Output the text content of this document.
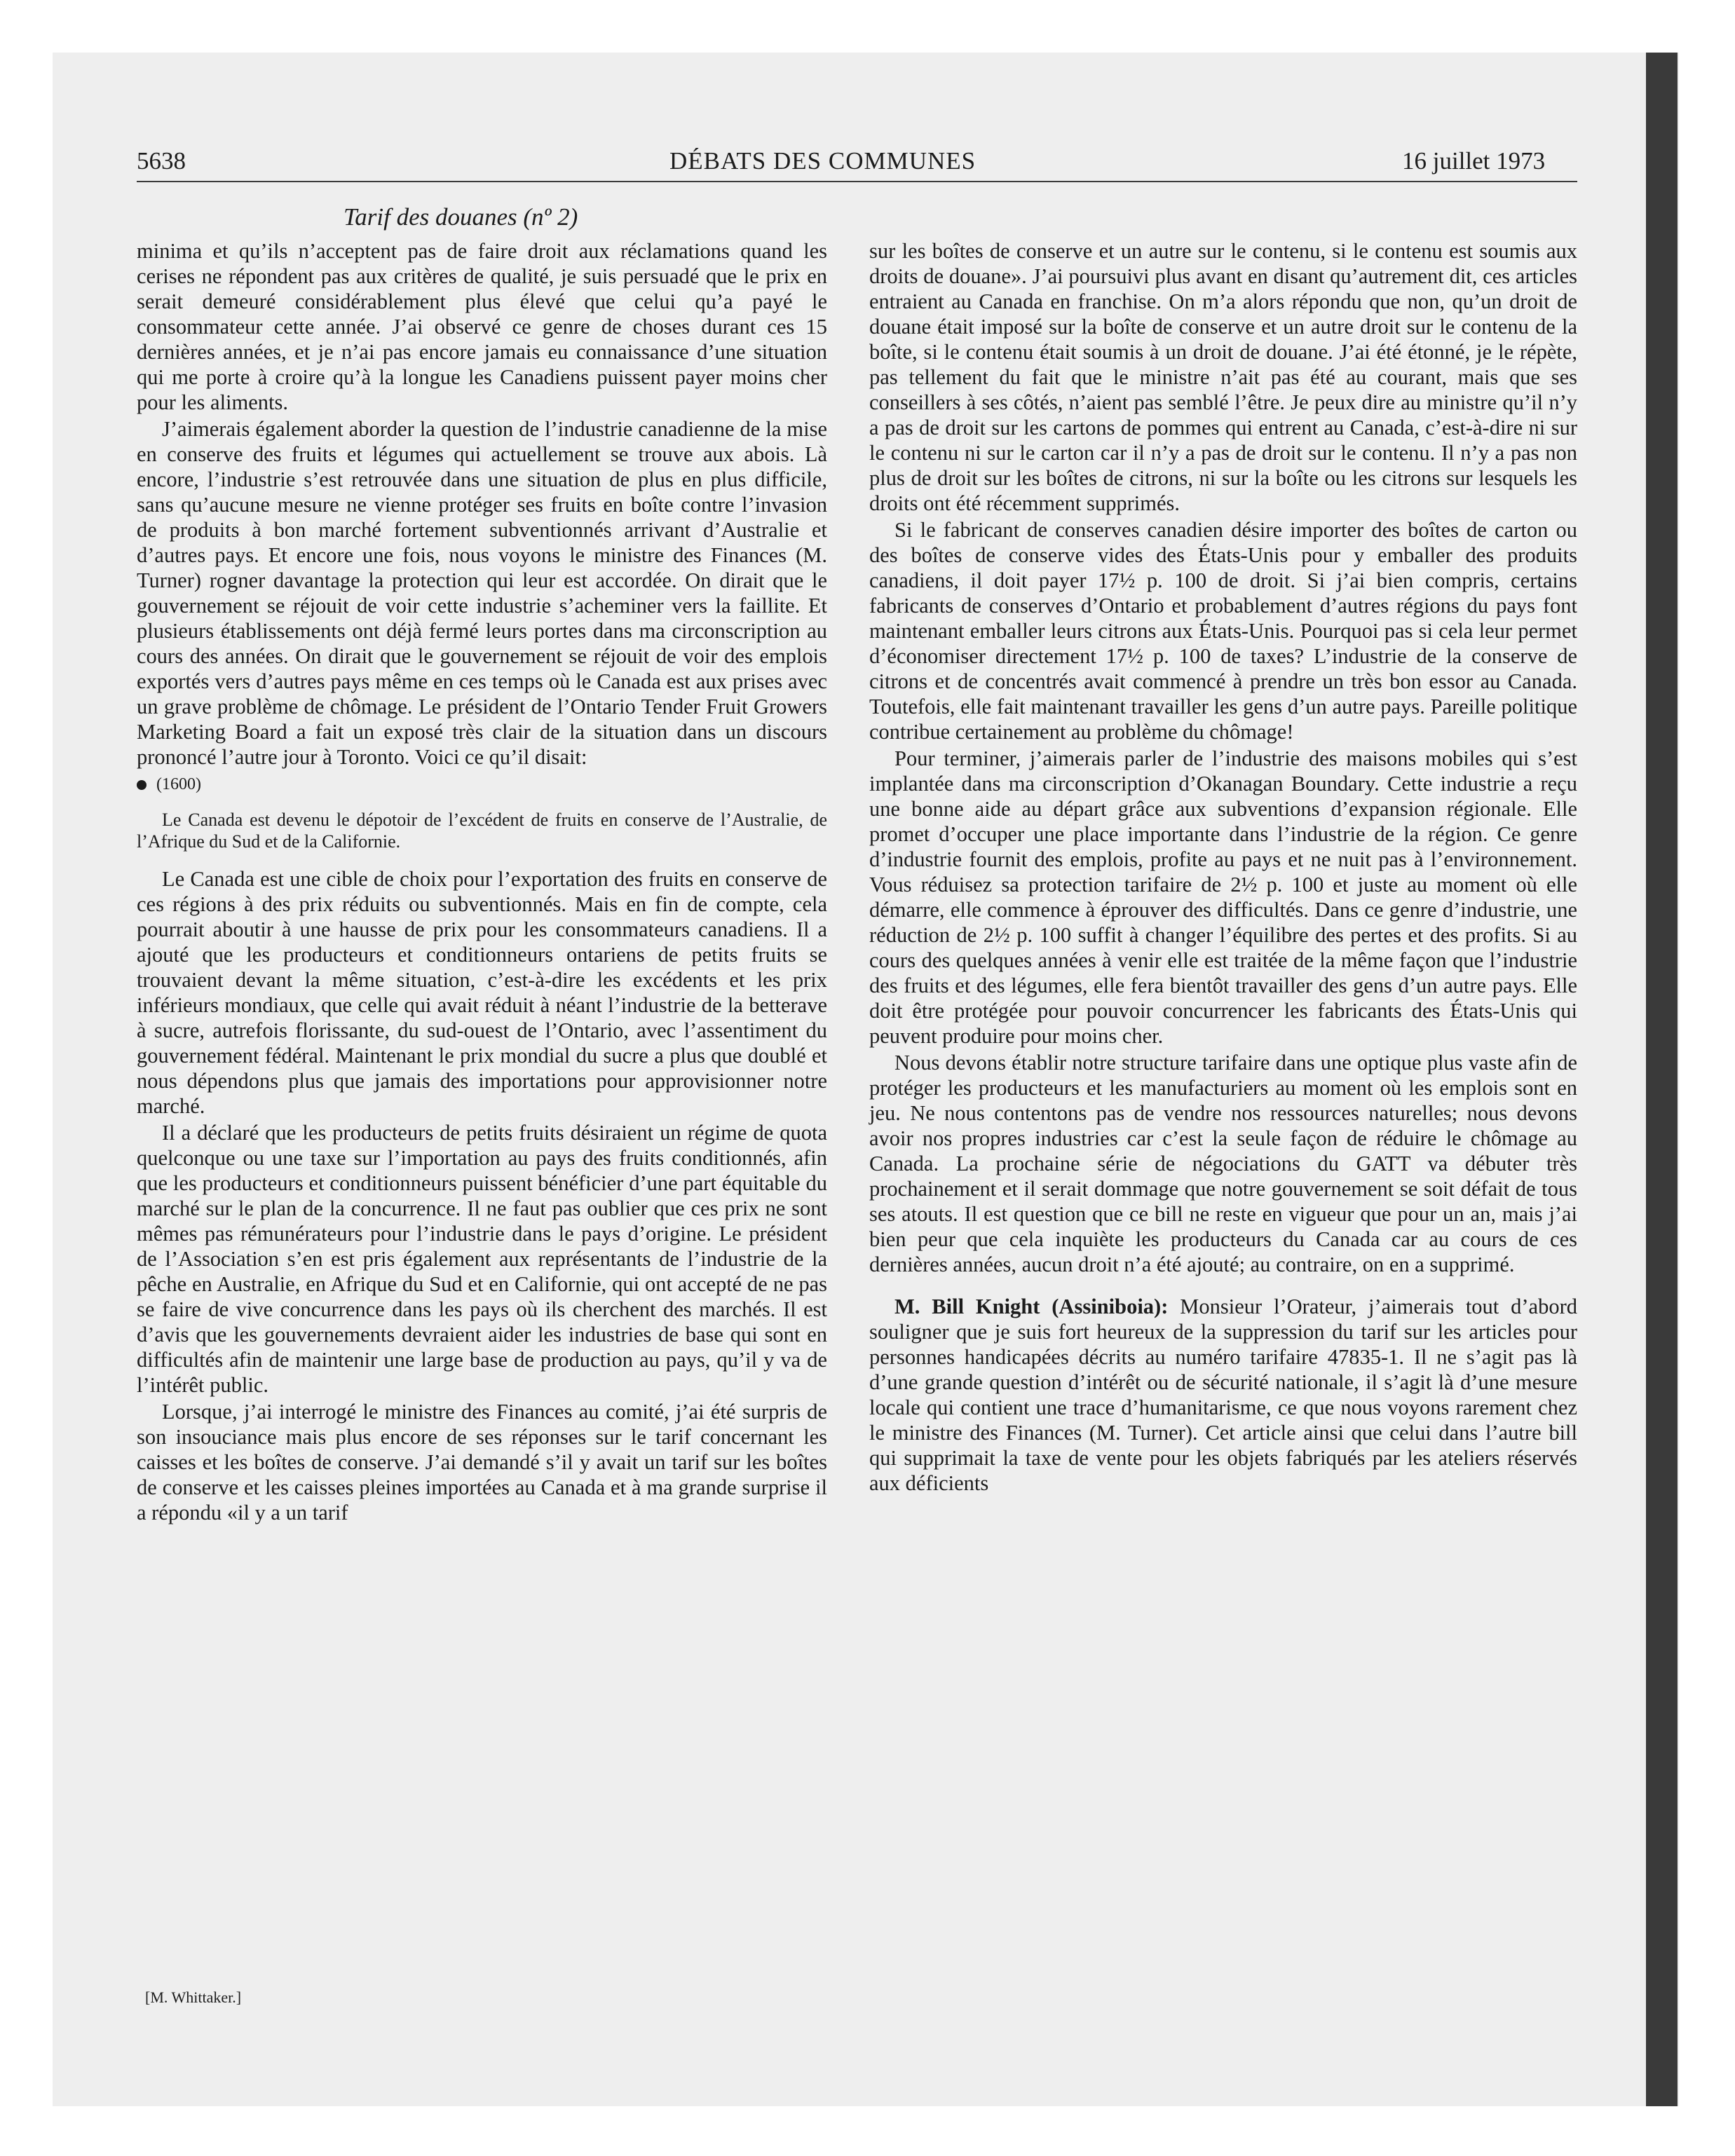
5638	DÉBATS DES COMMUNES	16 juillet 1973
Tarif des douanes (nº 2)

minima et qu’ils n’acceptent pas de faire droit aux réclamations quand les cerises ne répondent pas aux critères de qualité, je suis persuadé que le prix en serait demeuré considérablement plus élevé que celui qu’a payé le consommateur cette année. J’ai observé ce genre de choses durant ces 15 dernières années, et je n’ai pas encore jamais eu connaissance d’une situation qui me porte à croire qu’à la longue les Canadiens puissent payer moins cher pour les aliments.

J’aimerais également aborder la question de l’industrie canadienne de la mise en conserve des fruits et légumes qui actuellement se trouve aux abois. Là encore, l’industrie s’est retrouvée dans une situation de plus en plus difficile, sans qu’aucune mesure ne vienne protéger ses fruits en boîte contre l’invasion de produits à bon marché fortement subventionnés arrivant d’Australie et d’autres pays. Et encore une fois, nous voyons le ministre des Finances (M. Turner) rogner davantage la protection qui leur est accordée. On dirait que le gouvernement se réjouit de voir cette industrie s’acheminer vers la faillite. Et plusieurs établissements ont déjà fermé leurs portes dans ma circonscription au cours des années. On dirait que le gouvernement se réjouit de voir des emplois exportés vers d’autres pays même en ces temps où le Canada est aux prises avec un grave problème de chômage. Le président de l’Ontario Tender Fruit Growers Marketing Board a fait un exposé très clair de la situation dans un discours prononcé l’autre jour à Toronto. Voici ce qu’il disait:

(1600)

Le Canada est devenu le dépotoir de l’excédent de fruits en conserve de l’Australie, de l’Afrique du Sud et de la Californie.

Le Canada est une cible de choix pour l’exportation des fruits en conserve de ces régions à des prix réduits ou subventionnés. Mais en fin de compte, cela pourrait aboutir à une hausse de prix pour les consommateurs canadiens. Il a ajouté que les producteurs et conditionneurs ontariens de petits fruits se trouvaient devant la même situation, c’est-à-dire les excédents et les prix inférieurs mondiaux, que celle qui avait réduit à néant l’industrie de la betterave à sucre, autrefois florissante, du sud-ouest de l’Ontario, avec l’assentiment du gouvernement fédéral. Maintenant le prix mondial du sucre a plus que doublé et nous dépendons plus que jamais des importations pour approvisionner notre marché.

Il a déclaré que les producteurs de petits fruits désiraient un régime de quota quelconque ou une taxe sur l’importation au pays des fruits conditionnés, afin que les producteurs et conditionneurs puissent bénéficier d’une part équitable du marché sur le plan de la concurrence. Il ne faut pas oublier que ces prix ne sont mêmes pas rémunérateurs pour l’industrie dans le pays d’origine. Le président de l’Association s’en est pris également aux représentants de l’industrie de la pêche en Australie, en Afrique du Sud et en Californie, qui ont accepté de ne pas se faire de vive concurrence dans les pays où ils cherchent des marchés. Il est d’avis que les gouvernements devraient aider les industries de base qui sont en difficultés afin de maintenir une large base de production au pays, qu’il y va de l’intérêt public.

Lorsque, j’ai interrogé le ministre des Finances au comité, j’ai été surpris de son insouciance mais plus encore de ses réponses sur le tarif concernant les caisses et les boîtes de conserve. J’ai demandé s’il y avait un tarif sur les boîtes de conserve et les caisses pleines importées au Canada et à ma grande surprise il a répondu «il y a un tarif

[M. Whittaker.]

sur les boîtes de conserve et un autre sur le contenu, si le contenu est soumis aux droits de douane». J’ai poursuivi plus avant en disant qu’autrement dit, ces articles entraient au Canada en franchise. On m’a alors répondu que non, qu’un droit de douane était imposé sur la boîte de conserve et un autre droit sur le contenu de la boîte, si le contenu était soumis à un droit de douane. J’ai été étonné, je le répète, pas tellement du fait que le ministre n’ait pas été au courant, mais que ses conseillers à ses côtés, n’aient pas semblé l’être. Je peux dire au ministre qu’il n’y a pas de droit sur les cartons de pommes qui entrent au Canada, c’est-à-dire ni sur le contenu ni sur le carton car il n’y a pas de droit sur le contenu. Il n’y a pas non plus de droit sur les boîtes de citrons, ni sur la boîte ou les citrons sur lesquels les droits ont été récemment supprimés.

Si le fabricant de conserves canadien désire importer des boîtes de carton ou des boîtes de conserve vides des États-Unis pour y emballer des produits canadiens, il doit payer 17½ p. 100 de droit. Si j’ai bien compris, certains fabricants de conserves d’Ontario et probablement d’autres régions du pays font maintenant emballer leurs citrons aux États-Unis. Pourquoi pas si cela leur permet d’économiser directement 17½ p. 100 de taxes? L’industrie de la conserve de citrons et de concentrés avait commencé à prendre un très bon essor au Canada. Toutefois, elle fait maintenant travailler les gens d’un autre pays. Pareille politique contribue certainement au problème du chômage!

Pour terminer, j’aimerais parler de l’industrie des maisons mobiles qui s’est implantée dans ma circonscription d’Okanagan Boundary. Cette industrie a reçu une bonne aide au départ grâce aux subventions d’expansion régionale. Elle promet d’occuper une place importante dans l’industrie de la région. Ce genre d’industrie fournit des emplois, profite au pays et ne nuit pas à l’environnement. Vous réduisez sa protection tarifaire de 2½ p. 100 et juste au moment où elle démarre, elle commence à éprouver des difficultés. Dans ce genre d’industrie, une réduction de 2½ p. 100 suffit à changer l’équilibre des pertes et des profits. Si au cours des quelques années à venir elle est traitée de la même façon que l’industrie des fruits et des légumes, elle fera bientôt travailler des gens d’un autre pays. Elle doit être protégée pour pouvoir concurrencer les fabricants des États-Unis qui peuvent produire pour moins cher.

Nous devons établir notre structure tarifaire dans une optique plus vaste afin de protéger les producteurs et les manufacturiers au moment où les emplois sont en jeu. Ne nous contentons pas de vendre nos ressources naturelles; nous devons avoir nos propres industries car c’est la seule façon de réduire le chômage au Canada. La prochaine série de négociations du GATT va débuter très prochainement et il serait dommage que notre gouvernement se soit défait de tous ses atouts. Il est question que ce bill ne reste en vigueur que pour un an, mais j’ai bien peur que cela inquiète les producteurs du Canada car au cours de ces dernières années, aucun droit n’a été ajouté; au contraire, on en a supprimé.

M. Bill Knight (Assiniboia): Monsieur l’Orateur, j’aimerais tout d’abord souligner que je suis fort heureux de la suppression du tarif sur les articles pour personnes handicapées décrits au numéro tarifaire 47835-1. Il ne s’agit pas là d’une grande question d’intérêt ou de sécurité nationale, il s’agit là d’une mesure locale qui contient une trace d’humanitarisme, ce que nous voyons rarement chez le ministre des Finances (M. Turner). Cet article ainsi que celui dans l’autre bill qui supprimait la taxe de vente pour les objets fabriqués par les ateliers réservés aux déficients
